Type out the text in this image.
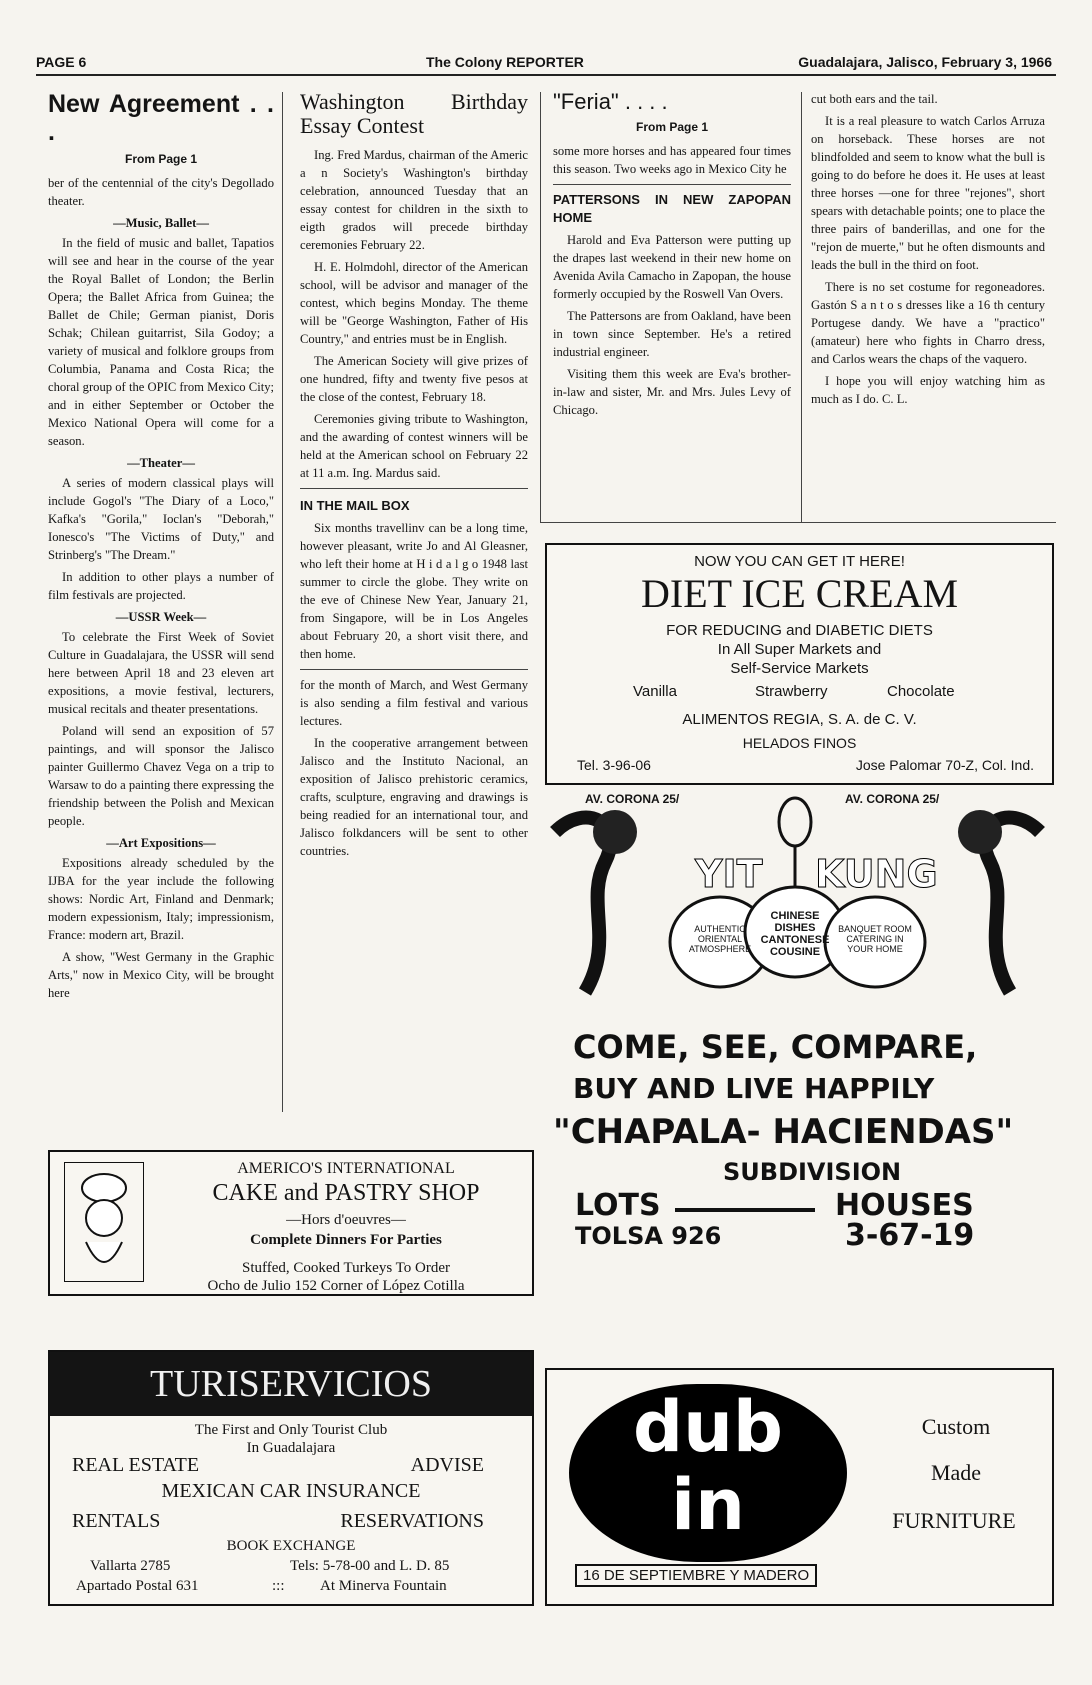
PAGE 6	The Colony REPORTER	Guadalajara, Jalisco, February 3, 1966
New Agreement . . .
From Page 1

ber of the centennial of the city's Degollado theater.

—Music, Ballet—

In the field of music and ballet, Tapatios will see and hear in the course of the year the Royal Ballet of London; the Berlin Opera; the Ballet Africa from Guinea; the Ballet de Chile; German pianist, Doris Schak; Chilean guitarrist, Sila Godoy; a variety of musical and folklore groups from Columbia, Panama and Costa Rica; the choral group of the OPIC from Mexico City; and in either September or October the Mexico National Opera will come for a season.

—Theater—

A series of modern classical plays will include Gogol's "The Diary of a Loco," Kafka's "Gorila," Ioclan's "Deborah," Ionesco's "The Victims of Duty," and Strinberg's "The Dream."

In addition to other plays a number of film festivals are projected.

—USSR Week—

To celebrate the First Week of Soviet Culture in Guadalajara, the USSR will send here between April 18 and 23 eleven art expositions, a movie festival, lecturers, musical recitals and theater presentations.

Poland will send an exposition of 57 paintings, and will sponsor the Jalisco painter Guillermo Chavez Vega on a trip to Warsaw to do a painting there expressing the friendship between the Polish and Mexican people.

—Art Expositions—

Expositions already scheduled by the IJBA for the year include the following shows: Nordic Art, Finland and Denmark; modern expessionism, Italy; impressionism, France: modern art, Brazil.

A show, "West Germany in the Graphic Arts," now in Mexico City, will be brought here

Washington Birthday Essay Contest

Ing. Fred Mardus, chairman of the Americ a n Society's Washington's birthday celebration, announced Tuesday that an essay contest for children in the sixth to eigth grados will precede birthday ceremonies February 22.

H. E. Holmdohl, director of the American school, will be advisor and manager of the contest, which begins Monday. The theme will be "George Washington, Father of His Country," and entries must be in English.

The American Society will give prizes of one hundred, fifty and twenty five pesos at the close of the contest, February 18.

Ceremonies giving tribute to Washington, and the awarding of contest winners will be held at the American school on February 22 at 11 a.m. Ing. Mardus said.

IN THE MAIL BOX

Six months travellinv can be a long time, however pleasant, write Jo and Al Gleasner, who left their home at H i d a l g o 1948 last summer to circle the globe. They write on the eve of Chinese New Year, January 21, from Singapore, will be in Los Angeles about February 20, a short visit there, and then home.

for the month of March, and West Germany is also sending a film festival and various lectures.

In the cooperative arrangement between Jalisco and the Instituto Nacional, an exposition of Jalisco prehistoric ceramics, crafts, sculpture, engraving and drawings is being readied for an international tour, and Jalisco folkdancers will be sent to other countries.

"Feria" . . . .
From Page 1

some more horses and has appeared four times this season. Two weeks ago in Mexico City he

PATTERSONS IN NEW ZAPOPAN HOME

Harold and Eva Patterson were putting up the drapes last weekend in their new home on Avenida Avila Camacho in Zapopan, the house formerly occupied by the Roswell Van Overs.

The Pattersons are from Oakland, have been in town since September. He's a retired industrial engineer.

Visiting them this week are Eva's brother-in-law and sister, Mr. and Mrs. Jules Levy of Chicago.

cut both ears and the tail.

It is a real pleasure to watch Carlos Arruza on horseback. These horses are not blindfolded and seem to know what the bull is going to do before he does it. He uses at least three horses —one for three "rejones", short spears with detachable points; one to place the three pairs of banderillas, and one for the "rejon de muerte," but he often dismounts and leads the bull in the third on foot.

There is no set costume for regoneadores. Gastón S a n t o s dresses like a 16 th century Portugese dandy. We have a "practico" (amateur) here who fights in Charro dress, and Carlos wears the chaps of the vaquero.

I hope you will enjoy watching him as much as I do. C. L.

NOW YOU CAN GET IT HERE!
DIET ICE CREAM
FOR REDUCING and DIABETIC DIETS
In All Super Markets and
Self-Service Markets
Vanilla	Strawberry	Chocolate
ALIMENTOS REGIA, S. A. de C. V.
HELADOS FINOS
Tel. 3-96-06	Jose Palomar 70-Z, Col. Ind.
AV. CORONA 25/	AV. CORONA 25/
YIT KUNG
AUTHENTIC ORIENTAL ATMOSPHERE
CHINESE DISHES CANTONESE COUSINE
BANQUET ROOM CATERING IN YOUR HOME
COME, SEE, COMPARE,
BUY AND LIVE HAPPILY
"CHAPALA- HACIENDAS"
SUBDIVISION
LOTS	HOUSES
TOLSA 926	3-67-19
AMERICO'S INTERNATIONAL
CAKE and PASTRY SHOP
—Hors d'oeuvres—
Complete Dinners For Parties
Stuffed, Cooked Turkeys To Order
Ocho de Julio 152 Corner of López Cotilla
TURISERVICIOS
The First and Only Tourist Club
In Guadalajara
REAL ESTATE	ADVISE
MEXICAN CAR INSURANCE
RENTALS	RESERVATIONS
BOOK EXCHANGE
Vallarta 2785	Tels: 5-78-00 and L. D. 85
Apartado Postal 631	::: At Minerva Fountain
dub
in
16 DE SEPTIEMBRE Y MADERO
Custom
Made
FURNITURE
